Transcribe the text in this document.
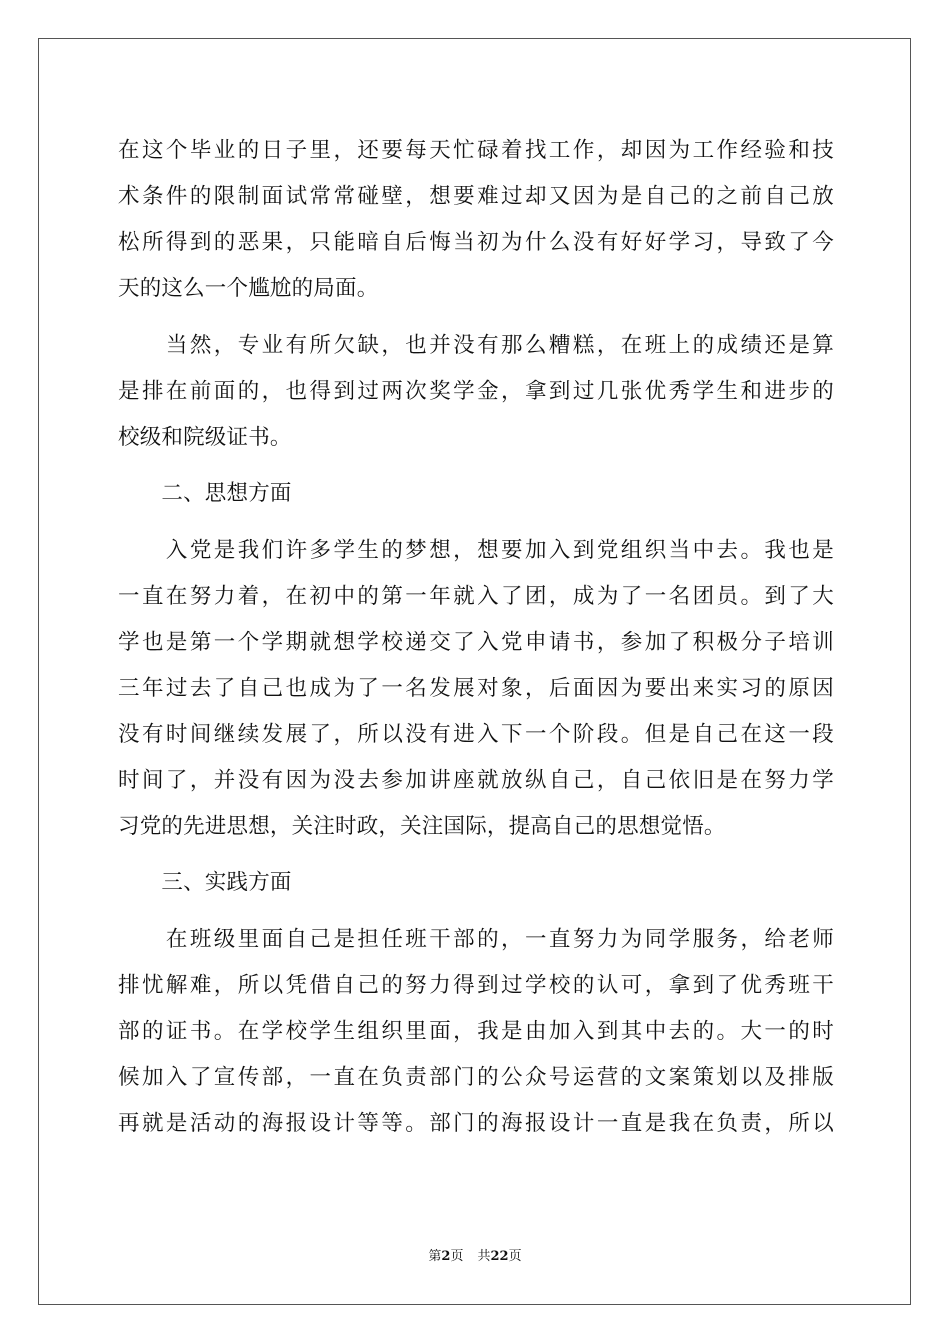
在这个毕业的日子里，还要每天忙碌着找工作，却因为工作经验和技
术条件的限制面试常常碰壁，想要难过却又因为是自己的之前自己放
松所得到的恶果，只能暗自后悔当初为什么没有好好学习，导致了今
天的这么一个尴尬的局面。
　　当然，专业有所欠缺，也并没有那么糟糕，在班上的成绩还是算
是排在前面的，也得到过两次奖学金，拿到过几张优秀学生和进步的
校级和院级证书。
　　二、思想方面
　　入党是我们许多学生的梦想，想要加入到党组织当中去。我也是
一直在努力着，在初中的第一年就入了团，成为了一名团员。到了大
学也是第一个学期就想学校递交了入党申请书，参加了积极分子培训
三年过去了自己也成为了一名发展对象，后面因为要出来实习的原因
没有时间继续发展了，所以没有进入下一个阶段。但是自己在这一段
时间了，并没有因为没去参加讲座就放纵自己，自己依旧是在努力学
习党的先进思想，关注时政，关注国际，提高自己的思想觉悟。
　　三、实践方面
　　在班级里面自己是担任班干部的，一直努力为同学服务，给老师
排忧解难，所以凭借自己的努力得到过学校的认可，拿到了优秀班干
部的证书。在学校学生组织里面，我是由加入到其中去的。大一的时
候加入了宣传部，一直在负责部门的公众号运营的文案策划以及排版
再就是活动的海报设计等等。部门的海报设计一直是我在负责，所以
第2页 共22页
